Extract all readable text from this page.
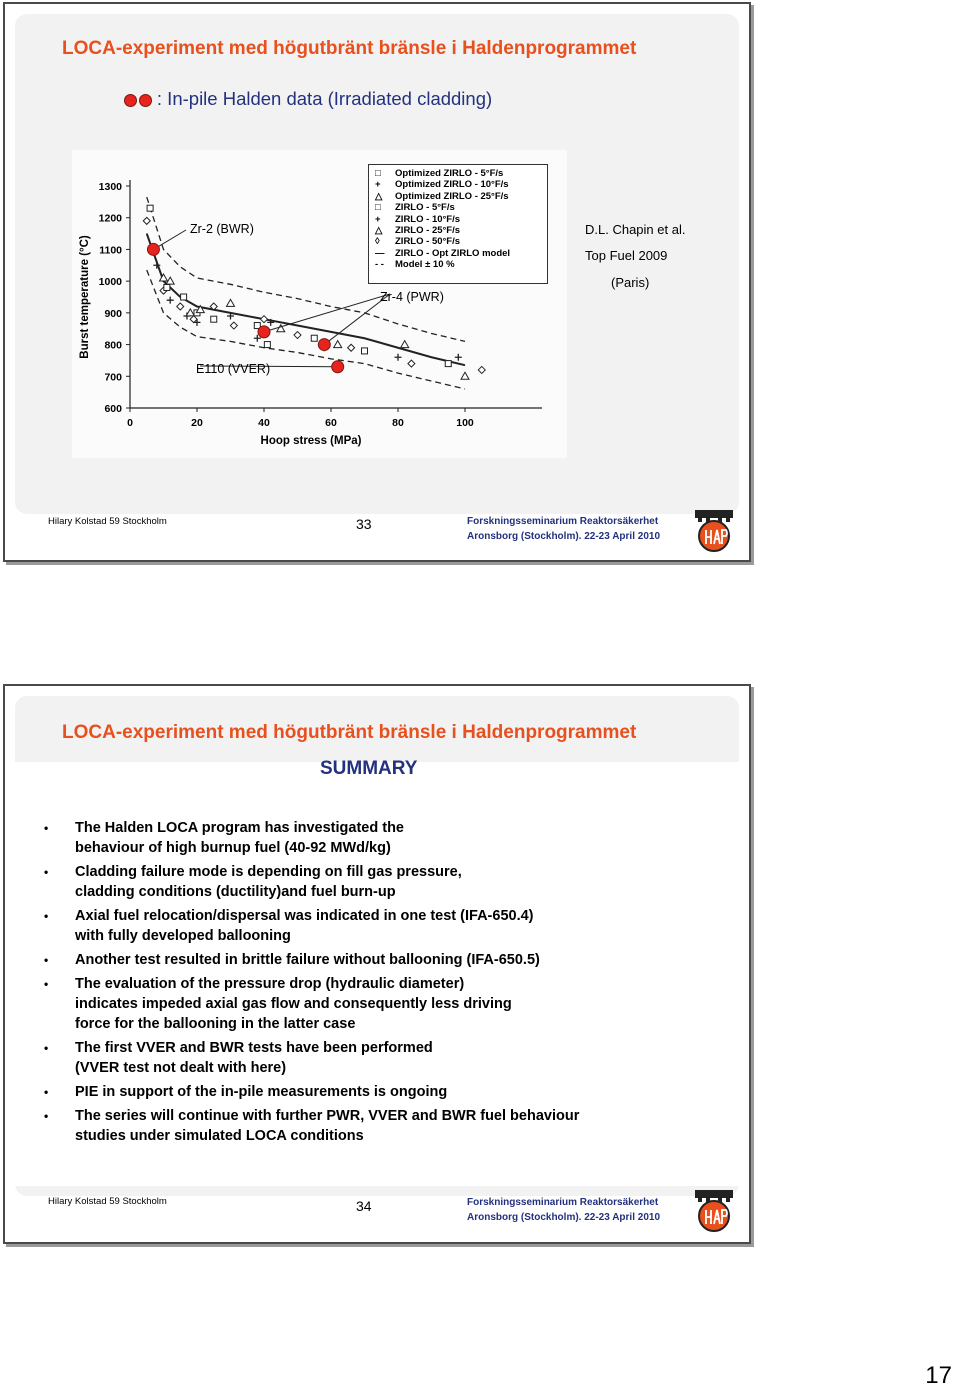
LOCA-experiment med högutbränt bränsle i Haldenprogrammet
: In-pile Halden data (Irradiated cladding)
600
700
800
900
1000
1100
1200
1300
0	20	40	60	80	100
Hoop stress (MPa)
Burst temperature (°C)
□ Optimized ZIRLO - 5°F/s
+ Optimized ZIRLO - 10°F/s
△ Optimized ZIRLO - 25°F/s
□ ZIRLO - 5°F/s
+ ZIRLO - 10°F/s
△ ZIRLO - 25°F/s
◊ ZIRLO - 50°F/s
— ZIRLO - Opt ZIRLO model
- - Model ± 10 %
Zr-2 (BWR)
Zr-4 (PWR)
E110 (VVER)
D.L. Chapin et al.
Top Fuel 2009
(Paris)
Hilary Kolstad 59 Stockholm	33	Forskningsseminarium Reaktorsäkerhet
Aronsborg (Stockholm). 22-23 April 2010
LOCA-experiment med högutbränt bränsle i Haldenprogrammet
SUMMARY
• The Halden LOCA program has investigated the
behaviour of high burnup fuel (40-92 MWd/kg)
• Cladding failure mode is depending on fill gas pressure,
cladding conditions (ductility)and fuel burn-up
• Axial fuel relocation/dispersal was indicated in one test (IFA-650.4)
with fully developed ballooning
• Another test resulted in brittle failure without ballooning (IFA-650.5)
• The evaluation of the pressure drop (hydraulic diameter)
indicates impeded axial gas flow and consequently less driving
force for the ballooning in the latter case
• The first VVER and BWR tests have been performed
(VVER test not dealt with here)
• PIE in support of the in-pile measurements is ongoing
• The series will continue with further PWR, VVER and BWR fuel behaviour
studies under simulated LOCA conditions
Hilary Kolstad 59 Stockholm	34	Forskningsseminarium Reaktorsäkerhet
Aronsborg (Stockholm). 22-23 April 2010
17
